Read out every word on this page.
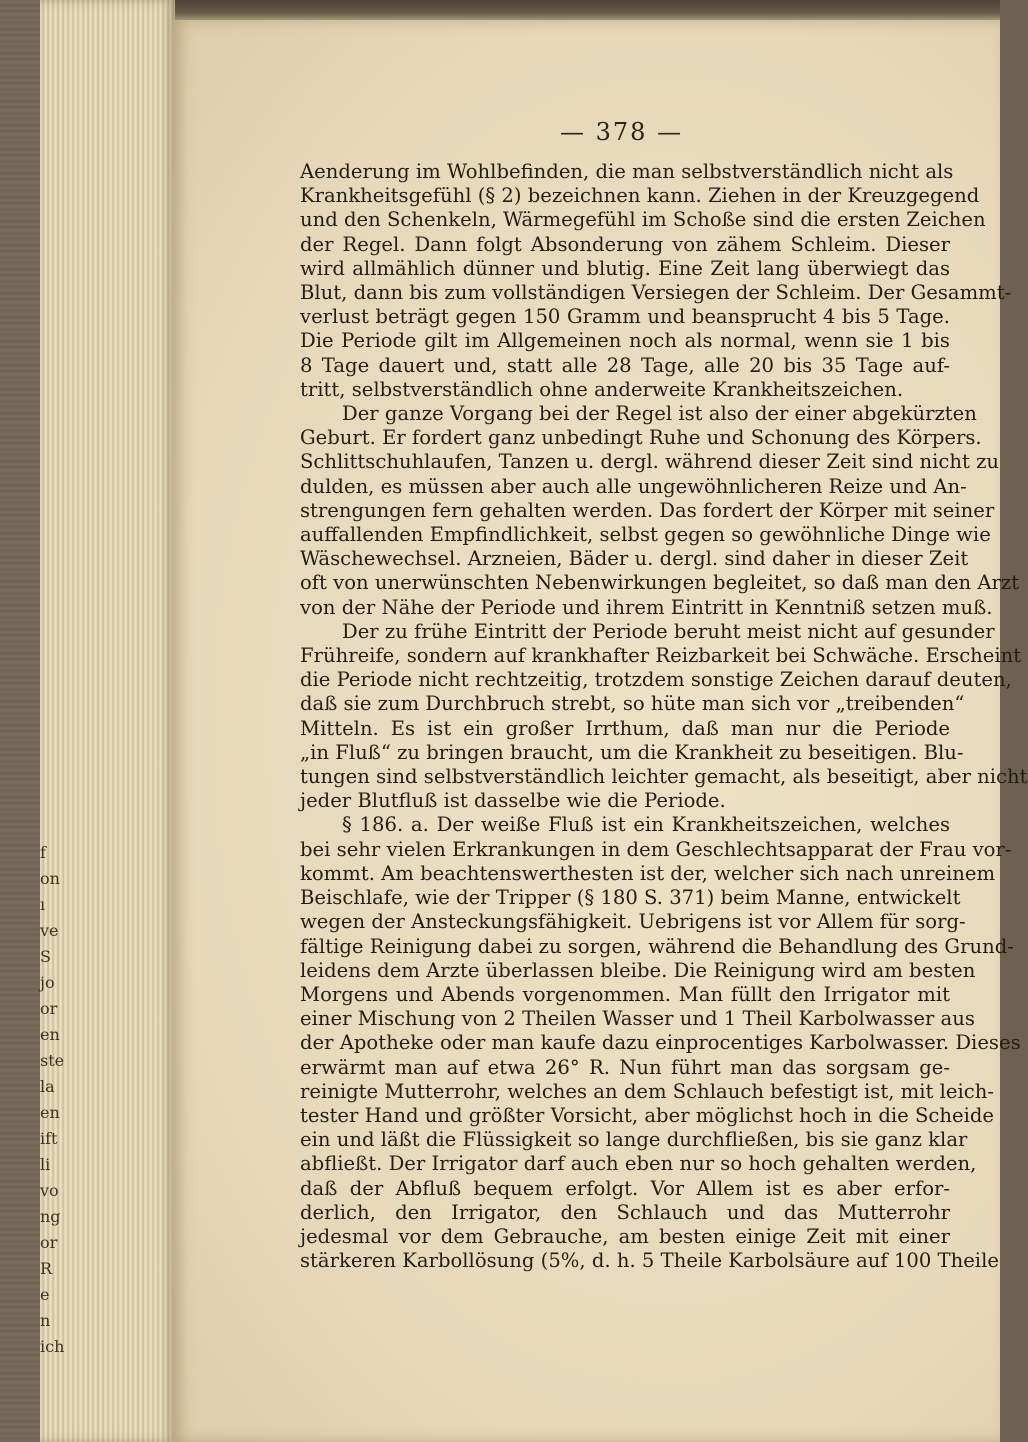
f
on
ı
ve
S
jo
or
en
ste
la
en
ift
li
vo
ng
or
R
e
n
ich
— 378 —
Aenderung im Wohlbefinden, die man selbstverständlich nicht als
Krankheitsgefühl (§ 2) bezeichnen kann. Ziehen in der Kreuzgegend
und den Schenkeln, Wärmegefühl im Schoße sind die ersten Zeichen
der Regel. Dann folgt Absonderung von zähem Schleim. Dieser
wird allmählich dünner und blutig. Eine Zeit lang überwiegt das
Blut, dann bis zum vollständigen Versiegen der Schleim. Der Gesammt-
verlust beträgt gegen 150 Gramm und beansprucht 4 bis 5 Tage.
Die Periode gilt im Allgemeinen noch als normal, wenn sie 1 bis
8 Tage dauert und, statt alle 28 Tage, alle 20 bis 35 Tage auf-
tritt, selbstverständlich ohne anderweite Krankheitszeichen.
Der ganze Vorgang bei der Regel ist also der einer abgekürzten
Geburt. Er fordert ganz unbedingt Ruhe und Schonung des Körpers.
Schlittschuhlaufen, Tanzen u. dergl. während dieser Zeit sind nicht zu
dulden, es müssen aber auch alle ungewöhnlicheren Reize und An-
strengungen fern gehalten werden. Das fordert der Körper mit seiner
auffallenden Empfindlichkeit, selbst gegen so gewöhnliche Dinge wie
Wäschewechsel. Arzneien, Bäder u. dergl. sind daher in dieser Zeit
oft von unerwünschten Nebenwirkungen begleitet, so daß man den Arzt
von der Nähe der Periode und ihrem Eintritt in Kenntniß setzen muß.
Der zu frühe Eintritt der Periode beruht meist nicht auf gesunder
Frühreife, sondern auf krankhafter Reizbarkeit bei Schwäche. Erscheint
die Periode nicht rechtzeitig, trotzdem sonstige Zeichen darauf deuten,
daß sie zum Durchbruch strebt, so hüte man sich vor „treibenden“
Mitteln. Es ist ein großer Irrthum, daß man nur die Periode
„in Fluß“ zu bringen braucht, um die Krankheit zu beseitigen. Blu-
tungen sind selbstverständlich leichter gemacht, als beseitigt, aber nicht
jeder Blutfluß ist dasselbe wie die Periode.
§ 186. a. Der weiße Fluß ist ein Krankheitszeichen, welches
bei sehr vielen Erkrankungen in dem Geschlechtsapparat der Frau vor-
kommt. Am beachtenswerthesten ist der, welcher sich nach unreinem
Beischlafe, wie der Tripper (§ 180 S. 371) beim Manne, entwickelt
wegen der Ansteckungsfähigkeit. Uebrigens ist vor Allem für sorg-
fältige Reinigung dabei zu sorgen, während die Behandlung des Grund-
leidens dem Arzte überlassen bleibe. Die Reinigung wird am besten
Morgens und Abends vorgenommen. Man füllt den Irrigator mit
einer Mischung von 2 Theilen Wasser und 1 Theil Karbolwasser aus
der Apotheke oder man kaufe dazu einprocentiges Karbolwasser. Dieses
erwärmt man auf etwa 26° R. Nun führt man das sorgsam ge-
reinigte Mutterrohr, welches an dem Schlauch befestigt ist, mit leich-
tester Hand und größter Vorsicht, aber möglichst hoch in die Scheide
ein und läßt die Flüssigkeit so lange durchfließen, bis sie ganz klar
abfließt. Der Irrigator darf auch eben nur so hoch gehalten werden,
daß der Abfluß bequem erfolgt. Vor Allem ist es aber erfor-
derlich, den Irrigator, den Schlauch und das Mutterrohr
jedesmal vor dem Gebrauche, am besten einige Zeit mit einer
stärkeren Karbollösung (5%, d. h. 5 Theile Karbolsäure auf 100 Theile
